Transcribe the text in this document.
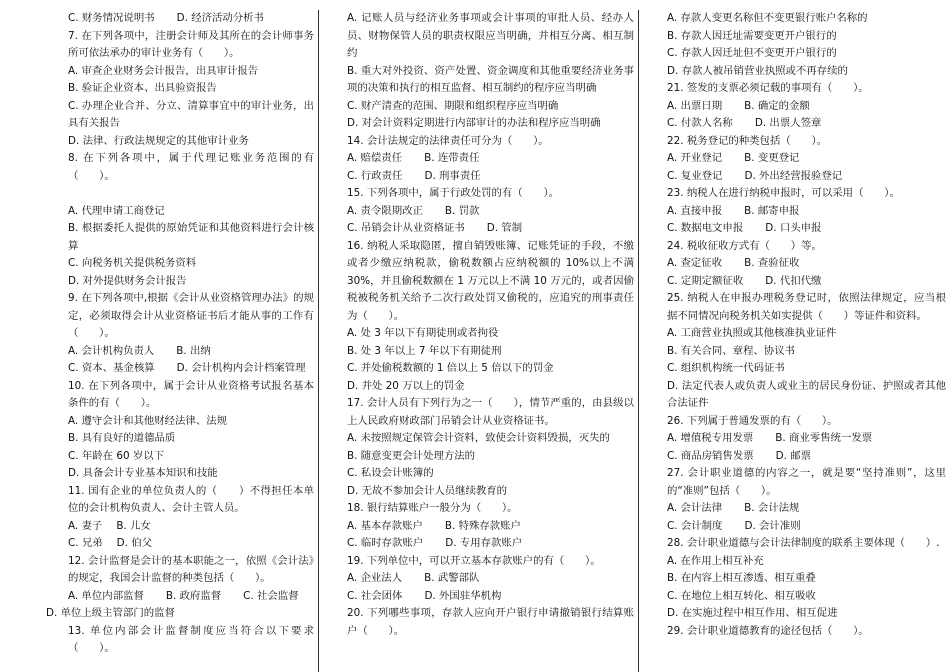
C. 财务情况说明书 D. 经济活动分析书
7. 在下列各项中，注册会计师及其所在的会计师事务所可依法承办的审计业务有（　　）。
A. 审查企业财务会计报告，出具审计报告
B. 验证企业资本、出具验资报告
C. 办理企业合并、分立、清算事宜中的审计业务，出具有关报告
D. 法律、行政法规规定的其他审计业务
8. 在下列各项中，属于代理记账业务范围的有（　　）。
A. 代理申请工商登记
B. 根据委托人提供的原始凭证和其他资料进行会计核算
C. 向税务机关提供税务资料
D. 对外提供财务会计报告
9. 在下列各项中,根据《会计从业资格管理办法》的规定，必须取得会计从业资格证书后才能从事的工作有（　　）。
A. 会计机构负责人 B. 出纳
C. 资本、基金核算 D. 会计机构内会计档案管理
10. 在下列各项中，属于会计从业资格考试报名基本条件的有（　　）。
A. 遵守会计和其他财经法律、法规
B. 具有良好的道德品质
C. 年龄在 60 岁以下
D. 具备会计专业基本知识和技能
11. 国有企业的单位负责人的（　　）不得担任本单位的会计机构负责人、会计主管人员。
A. 妻子 B. 儿女
C. 兄弟 D. 伯父
12. 会计监督是会计的基本职能之一，依照《会计法》的规定，我国会计监督的种类包括（　　）。
A. 单位内部监督 B. 政府监督 C. 社会监督
D. 单位上级主管部门的监督
13. 单位内部会计监督制度应当符合以下要求（　　）。
A. 记账人员与经济业务事项或会计事项的审批人员、经办人员、财物保管人员的职责权限应当明确，并相互分离、相互制约
B. 重大对外投资、资产处置、资金调度和其他重要经济业务事项的决策和执行的相互监督、相互制约的程序应当明确
C. 财产清查的范围、期限和组织程序应当明确
D. 对会计资料定期进行内部审计的办法和程序应当明确
14. 会计法规定的法律责任可分为（　　）。
A. 赔偿责任 B. 连带责任
C. 行政责任 D. 刑事责任
15. 下列各项中，属于行政处罚的有（　　）。
A. 责令限期改正 B. 罚款
C. 吊销会计从业资格证书 D. 管制
16. 纳税人采取隐匿，擅自销毁账簿、记账凭证的手段，不缴或者少缴应纳税款，偷税数额占应纳税额的 10%以上不满 30%，并且偷税数额在 1 万元以上不满 10 万元的，或者因偷税被税务机关给予二次行政处罚又偷税的，应追究的刑事责任为（　　）。
A. 处 3 年以下有期徒刑或者拘役
B. 处 3 年以上 7 年以下有期徒刑
C. 并处偷税数额的 1 倍以上 5 倍以下的罚金
D. 并处 20 万以上的罚金
17. 会计人员有下列行为之一（　　），情节严重的，由县级以上人民政府财政部门吊销会计从业资格证书。
A. 未按照规定保管会计资料，致使会计资料毁损，灭失的
B. 随意变更会计处理方法的
C. 私设会计账簿的
D. 无故不参加会计人员继续教育的
18. 银行结算账户一般分为（　　）。
A. 基本存款账户 B. 特殊存款账户
C. 临时存款账户 D. 专用存款账户
19. 下列单位中，可以开立基本存款账户的有（　　）。
A. 企业法人 B. 武警部队
C. 社会团体 D. 外国驻华机构
20. 下列哪些事项，存款人应向开户银行申请撤销银行结算账户（　　）。
A. 存款人变更名称但不变更银行账户名称的
B. 存款人因迁址需要变更开户银行的
C. 存款人因迁址但不变更开户银行的
D. 存款人被吊销营业执照或不再存续的
21. 签发的支票必须记载的事项有（　　）。
A. 出票日期 B. 确定的金额
C. 付款人名称 D. 出票人签章
22. 税务登记的种类包括（　　）。
A. 开业登记 B. 变更登记
C. 复业登记 D. 外出经营报验登记
23. 纳税人在进行纳税申报时，可以采用（　　）。
A. 直接申报 B. 邮寄申报
C. 数据电文申报 D. 口头申报
24. 税收征收方式有（　　）等。
A. 查定征收 B. 查验征收
C. 定期定额征收 D. 代扣代缴
25. 纳税人在申报办理税务登记时，依照法律规定，应当根据不同情况向税务机关如实提供（　　）等证件和资料。
A. 工商营业执照或其他核准执业证件
B. 有关合同、章程、协议书
C. 组织机构统一代码证书
D. 法定代表人或负责人或业主的居民身份证、护照或者其他合法证件
26. 下列属于普通发票的有（　　）。
A. 增值税专用发票 B. 商业零售统一发票
C. 商品房销售发票 D. 邮票
27. 会计职业道德的内容之一，就是要“坚持准则”，这里的“准则”包括（　　）。
A. 会计法律 B. 会计法规
C. 会计制度 D. 会计准则
28. 会计职业道德与会计法律制度的联系主要体现（　　）.
A. 在作用上相互补充
B. 在内容上相互渗透、相互重叠
C. 在地位上相互转化、相互吸收
D. 在实施过程中相互作用、相互促进
29. 会计职业道德教育的途径包括（　　）。
